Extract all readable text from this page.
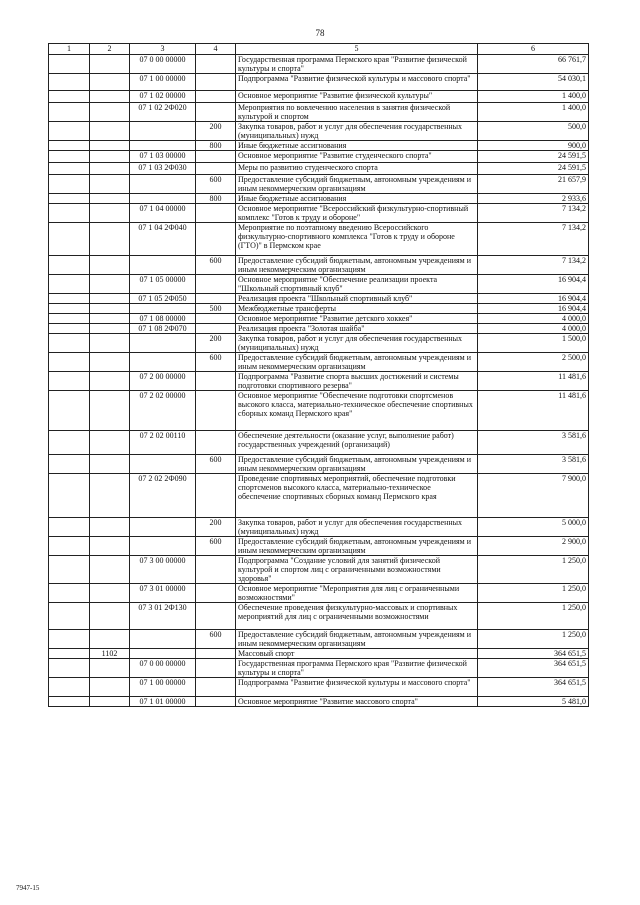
78
1	2	3	4	5	6
		07 0 00 00000		Государственная программа Пермского края "Развитие физической культуры и спорта"	66 761,7
		07 1 00 00000		Подпрограмма "Развитие физической культуры и массового спорта"	54 030,1
		07 1 02 00000		Основное мероприятие "Развитие физической культуры"	1 400,0
		07 1 02 2Ф020		Мероприятия по вовлечению населения в занятия физической культурой и спортом	1 400,0
			200	Закупка товаров, работ и услуг для обеспечения государственных (муниципальных) нужд	500,0
			800	Иные бюджетные ассигнования	900,0
		07 1 03 00000		Основное мероприятие "Развитие студенческого спорта"	24 591,5
		07 1 03 2Ф030		Меры по развитию студенческого спорта	24 591,5
			600	Предоставление субсидий бюджетным, автономным учреждениям и иным некоммерческим организациям	21 657,9
			800	Иные бюджетные ассигнования	2 933,6
		07 1 04 00000		Основное мероприятие "Всероссийский физкультурно-спортивный комплекс "Готов к труду и обороне"	7 134,2
		07 1 04 2Ф040		Мероприятие по поэтапному введению Всероссийского физкультурно-спортивного комплекса "Готов к труду и обороне (ГТО)" в Пермском крае	7 134,2
			600	Предоставление субсидий бюджетным, автономным учреждениям и иным некоммерческим организациям	7 134,2
		07 1 05 00000		Основное мероприятие "Обеспечение реализации проекта "Школьный спортивный клуб"	16 904,4
		07 1 05 2Ф050		Реализация проекта "Школьный спортивный клуб"	16 904,4
			500	Межбюджетные трансферты	16 904,4
		07 1 08 00000		Основное мероприятие "Развитие детского хоккея"	4 000,0
		07 1 08 2Ф070		Реализация проекта "Золотая шайба"	4 000,0
			200	Закупка товаров, работ и услуг для обеспечения государственных (муниципальных) нужд	1 500,0
			600	Предоставление субсидий бюджетным, автономным учреждениям и иным некоммерческим организациям	2 500,0
		07 2 00 00000		Подпрограмма "Развитие спорта высших достижений и системы подготовки спортивного резерва"	11 481,6
		07 2 02 00000		Основное мероприятие "Обеспечение подготовки спортсменов высокого класса, материально-техническое обеспечение спортивных сборных команд Пермского края"	11 481,6
		07 2 02 00110		Обеспечение деятельности (оказание услуг, выполнение работ) государственных учреждений (организаций)	3 581,6
			600	Предоставление субсидий бюджетным, автономным учреждениям и иным некоммерческим организациям	3 581,6
		07 2 02 2Ф090		Проведение спортивных мероприятий, обеспечение подготовки спортсменов высокого класса, материально-техническое обеспечение спортивных сборных команд Пермского края	7 900,0
			200	Закупка товаров, работ и услуг для обеспечения государственных (муниципальных) нужд	5 000,0
			600	Предоставление субсидий бюджетным, автономным учреждениям и иным некоммерческим организациям	2 900,0
		07 3 00 00000		Подпрограмма "Создание условий для занятий физической культурой и спортом лиц с ограниченными возможностями здоровья"	1 250,0
		07 3 01 00000		Основное мероприятие "Мероприятия для лиц с ограниченными возможностями"	1 250,0
		07 3 01 2Ф130		Обеспечение проведения физкультурно-массовых и спортивных мероприятий для лиц с ограниченными возможностями	1 250,0
			600	Предоставление субсидий бюджетным, автономным учреждениям и иным некоммерческим организациям	1 250,0
	1102			Массовый спорт	364 651,5
		07 0 00 00000		Государственная программа Пермского края "Развитие физической культуры и спорта"	364 651,5
		07 1 00 00000		Подпрограмма "Развитие физической культуры и массового спорта"	364 651,5
		07 1 01 00000		Основное мероприятие "Развитие массового спорта"	5 481,0
7947-15
